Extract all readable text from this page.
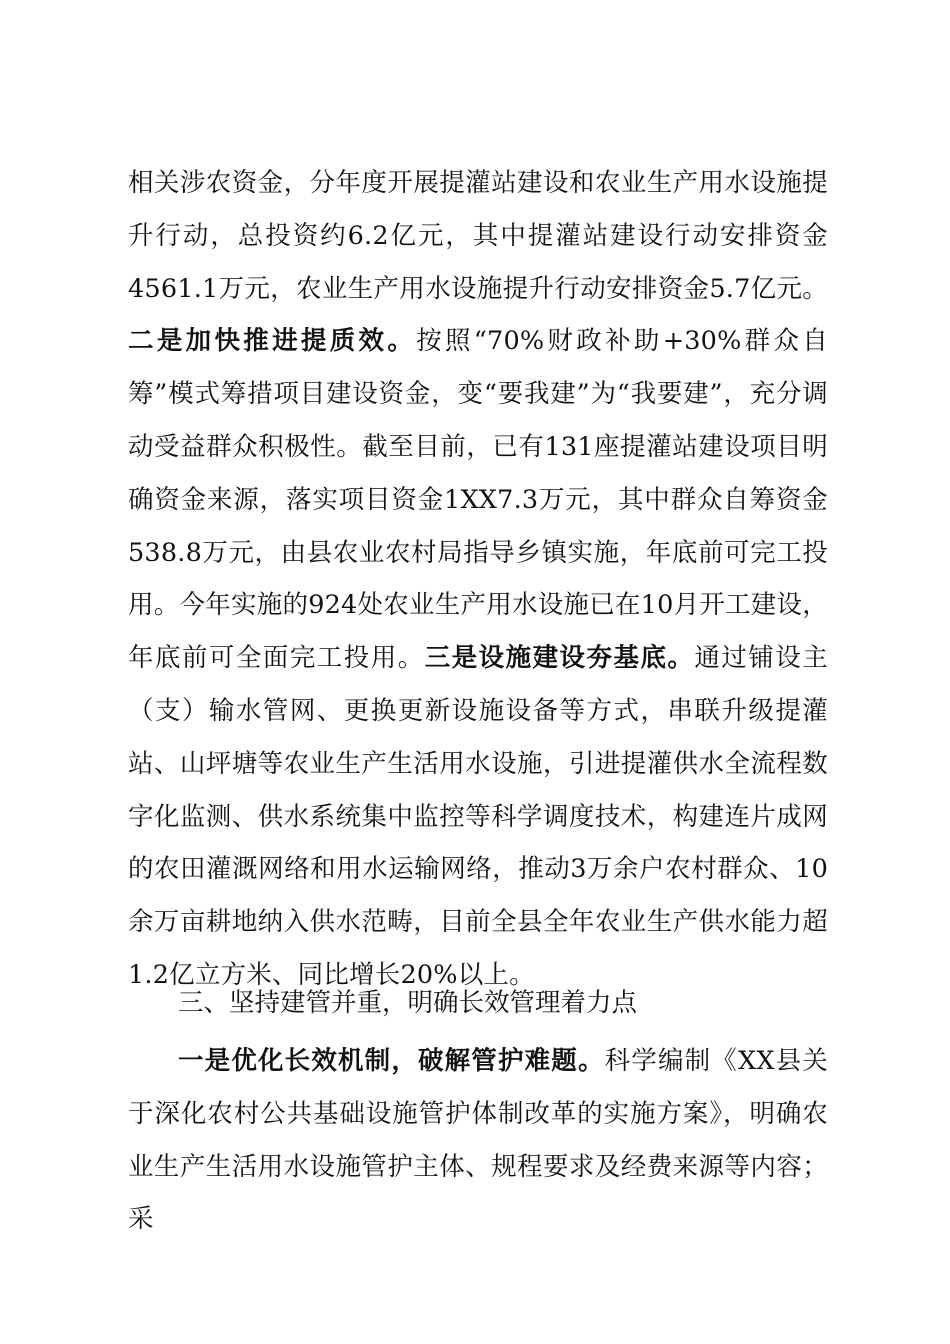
相关涉农资金，分年度开展提灌站建设和农业生产用水设施提升行动，总投资约6.2亿元，其中提灌站建设行动安排资金4561.1万元，农业生产用水设施提升行动安排资金5.7亿元。二是加快推进提质效。按照“70%财政补助+30%群众自筹”模式筹措项目建设资金，变“要我建”为“我要建”，充分调动受益群众积极性。截至目前，已有131座提灌站建设项目明确资金来源，落实项目资金1XX7.3万元，其中群众自筹资金538.8万元，由县农业农村局指导乡镇实施，年底前可完工投用。今年实施的924处农业生产用水设施已在10月开工建设，年底前可全面完工投用。三是设施建设夯基底。通过铺设主（支）输水管网、更换更新设施设备等方式，串联升级提灌站、山坪塘等农业生产生活用水设施，引进提灌供水全流程数字化监测、供水系统集中监控等科学调度技术，构建连片成网的农田灌溉网络和用水运输网络，推动3万余户农村群众、10余万亩耕地纳入供水范畴，目前全县全年农业生产供水能力超1.2亿立方米、同比增长20%以上。

三、坚持建管并重，明确长效管理着力点

一是优化长效机制，破解管护难题。科学编制《XX县关于深化农村公共基础设施管护体制改革的实施方案》，明确农业生产生活用水设施管护主体、规程要求及经费来源等内容；采
